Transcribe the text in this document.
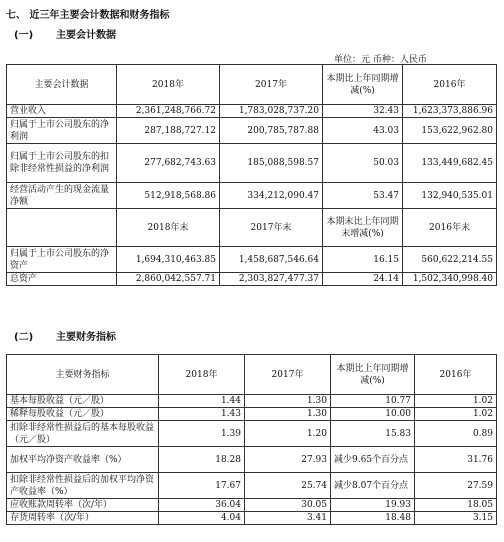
七、 近三年主要会计数据和财务指标
(一) 主要会计数据
单位：元 币种：人民币
主要会计数据	2018年	2017年	本期比上年同期增减(%)	2016年
营业收入	2,361,248,766.72	1,783,028,737.20	32.43	1,623,373,886.96

归属于上市公司股东的净利润	287,188,727.12	200,785,787.88	43.03	153,622,962.80

归属于上市公司股东的扣除非经常性损益的净利润	277,682,743.63	185,088,598.57	50.03	133,449,682.45

经营活动产生的现金流量净额	512,918,568.86	334,212,090.47	53.47	132,940,535.01
	2018年末	2017年末	本期末比上年同期末增减(%)	2016年末

归属于上市公司股东的净资产	1,694,310,463.85	1,458,687,546.64	16.15	560,622,214.55
总资产	2,860,042,557.71	2,303,827,477.37	24.14	1,502,340,998.40
(二) 主要财务指标
主要财务指标	2018年	2017年	本期比上年同期增减(%)	2016年
基本每股收益（元／股）	1.44	1.30	10.77	1.02
稀释每股收益（元／股）	1.43	1.30	10.00	1.02

扣除非经常性损益后的基本每股收益（元／股）	1.39	1.20	15.83	0.89
加权平均净资产收益率（%）	18.28	27.93	减少9.65个百分点	31.76

扣除非经常性损益后的加权平均净资产收益率（%）	17.67	25.74	减少8.07个百分点	27.59
应收账款周转率（次/年）	36.04	30.05	19.93	18.05
存货周转率（次/年）	4.04	3.41	18.48	3.15
